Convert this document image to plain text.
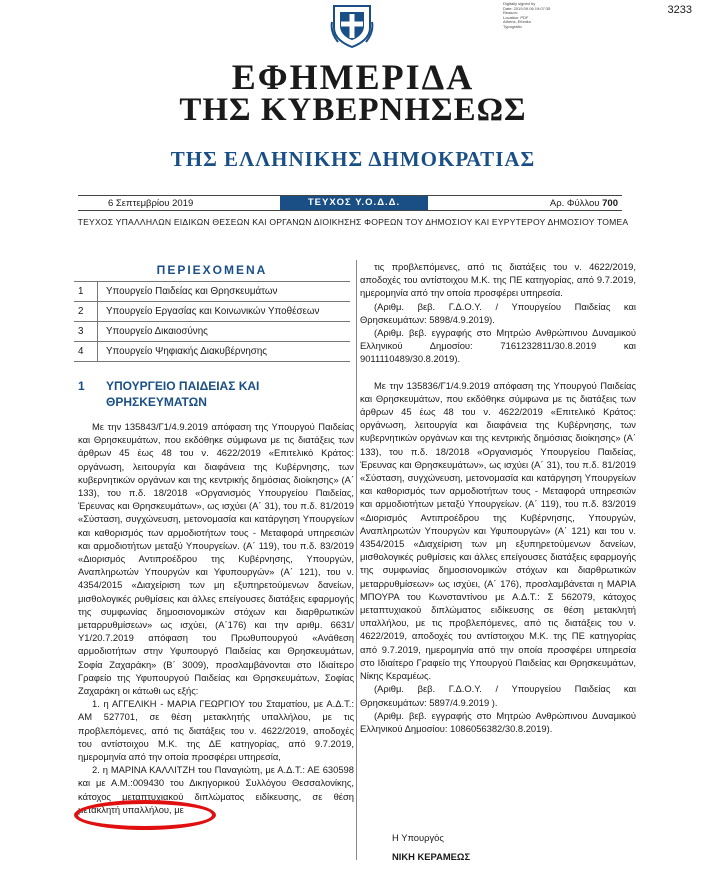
Digitally signed by
Date: 2019.09.06 19:07:35
Reason:
Location: PDF
Athens, Ethniko
Typografio
3233
ΕΦΗΜΕΡΙΔΑ
ΤΗΣ ΚΥΒΕΡΝΗΣΕΩΣ
ΤΗΣ ΕΛΛΗΝΙΚΗΣ ΔΗΜΟΚΡΑΤΙΑΣ
6 Σεπτεμβρίου 2019	ΤΕΥΧΟΣ Υ.Ο.Δ.Δ.	Αρ. Φύλλου 700
ΤΕΥΧΟΣ ΥΠΑΛΛΗΛΩΝ ΕΙΔΙΚΩΝ ΘΕΣΕΩΝ ΚΑΙ ΟΡΓΑΝΩΝ ΔΙΟΙΚΗΣΗΣ ΦΟΡΕΩΝ ΤΟΥ ΔΗΜΟΣΙΟΥ ΚΑΙ ΕΥΡΥΤΕΡΟΥ ΔΗΜΟΣΙΟΥ ΤΟΜΕΑ
ΠΕΡΙΕΧΟΜΕΝΑ
1	Υπουργείο Παιδείας και Θρησκευμάτων
2	Υπουργείο Εργασίας και Κοινωνικών Υποθέσεων
3	Υπουργείο Δικαιοσύνης
4	Υπουργείο Ψηφιακής Διακυβέρνησης
1 ΥΠΟΥΡΓΕΙΟ ΠΑΙΔΕΙΑΣ ΚΑΙ ΘΡΗΣΚΕΥΜΑΤΩΝ

Με την 135843/Γ1/4.9.2019 απόφαση της Υπουργού Παιδείας και Θρησκευμάτων, που εκδόθηκε σύμφωνα με τις διατάξεις των άρθρων 45 έως 48 του ν. 4622/2019 «Επιτελικό Κράτος: οργάνωση, λειτουργία και διαφάνεια της Κυβέρνησης, των κυβερνητικών οργάνων και της κεντρικής δημόσιας διοίκησης» (Α΄ 133), του π.δ. 18/2018 «Οργανισμός Υπουργείου Παιδείας, Έρευνας και Θρησκευμάτων», ως ισχύει (Α΄ 31), του π.δ. 81/2019 «Σύσταση, συγχώνευση, μετονομασία και κατάργηση Υπουργείων και καθορισμός των αρμοδιοτήτων τους - Μεταφορά υπηρεσιών και αρμοδιοτήτων μεταξύ Υπουργείων. (Α΄ 119), του π.δ. 83/2019 «Διορισμός Αντιπροέδρου της Κυβέρνησης, Υπουργών, Αναπληρωτών Υπουργών και Υφυπουργών» (Α΄ 121), του ν. 4354/2015 «Διαχείριση των μη εξυπηρετούμενων δανείων, μισθολογικές ρυθμίσεις και άλλες επείγουσες διατάξεις εφαρμογής της συμφωνίας δημοσιονομικών στόχων και διαρθρωτικών μεταρρυθμίσεων» ως ισχύει, (Α΄176) και την αριθμ. 6631/Υ1/20.7.2019 απόφαση του Πρωθυπουργού «Ανάθεση αρμοδιοτήτων στην Υφυπουργό Παιδείας και Θρησκευμάτων, Σοφία Ζαχαράκη» (Β΄ 3009), προσλαμβάνονται στο Ιδιαίτερο Γραφείο της Υφυπουργού Παιδείας και Θρησκευμάτων, Σοφίας Ζαχαράκη οι κάτωθι ως εξής:

1. η ΑΓΓΕΛΙΚΗ - ΜΑΡΙΑ ΓΕΩΡΓΙΟΥ του Σταματίου, με Α.Δ.Τ.: ΑΜ 527701, σε θέση μετακλητής υπαλλήλου, με τις προβλεπόμενες, από τις διατάξεις του ν. 4622/2019, αποδοχές του αντίστοιχου Μ.Κ. της ΔΕ κατηγορίας, από 9.7.2019, ημερομηνία από την οποία προσφέρει υπηρεσία,

2. η ΜΑΡΙΝΑ ΚΑΛΛΙΤΖΗ του Παναγιώτη, με Α.Δ.Τ.: ΑΕ 630598 και με Α.Μ.:009430 του Δικηγορικού Συλλόγου Θεσσαλονίκης, κάτοχος μεταπτυχιακού διπλώματος ειδίκευσης, σε θέση μετακλητή υπαλλήλου, με

τις προβλεπόμενες, από τις διατάξεις του ν. 4622/2019, αποδοχές του αντίστοιχου Μ.Κ. της ΠΕ κατηγορίας, από 9.7.2019, ημερομηνία από την οποία προσφέρει υπηρεσία.

(Αριθμ. βεβ. Γ.Δ.Ο.Υ. / Υπουργείου Παιδείας και Θρησκευμάτων: 5898/4.9.2019).

(Αριθμ. βεβ. εγγραφής στο Μητρώο Ανθρώπινου Δυναμικού Ελληνικού Δημοσίου: 7161232811/30.8.2019 και 9011110489/30.8.2019).

Με την 135836/Γ1/4.9.2019 απόφαση της Υπουργού Παιδείας και Θρησκευμάτων, που εκδόθηκε σύμφωνα με τις διατάξεις των άρθρων 45 έως 48 του ν. 4622/2019 «Επιτελικό Κράτος: οργάνωση, λειτουργία και διαφάνεια της Κυβέρνησης, των κυβερνητικών οργάνων και της κεντρικής δημόσιας διοίκησης» (Α΄ 133), του π.δ. 18/2018 «Οργανισμός Υπουργείου Παιδείας, Έρευνας και Θρησκευμάτων», ως ισχύει (Α΄ 31), του π.δ. 81/2019 «Σύσταση, συγχώνευση, μετονομασία και κατάργηση Υπουργείων και καθορισμός των αρμοδιοτήτων τους - Μεταφορά υπηρεσιών και αρμοδιοτήτων μεταξύ Υπουργείων. (Α΄ 119), του π.δ. 83/2019 «Διορισμός Αντιπροέδρου της Κυβέρνησης, Υπουργών, Αναπληρωτών Υπουργών και Υφυπουργών» (Α΄ 121) και του ν. 4354/2015 «Διαχείριση των μη εξυπηρετούμενων δανείων, μισθολογικές ρυθμίσεις και άλλες επείγουσες διατάξεις εφαρμογής της συμφωνίας δημοσιονομικών στόχων και διαρθρωτικών μεταρρυθμίσεων» ως ισχύει, (Α΄ 176), προσλαμβάνεται η ΜΑΡΙΑ ΜΠΟΥΡΑ του Κωνσταντίνου με Α.Δ.Τ.: Σ 562079, κάτοχος μεταπτυχιακού διπλώματος ειδίκευσης σε θέση μετακλητή υπαλλήλου, με τις προβλεπόμενες, από τις διατάξεις του ν. 4622/2019, αποδοχές του αντίστοιχου Μ.Κ. της ΠΕ κατηγορίας από 9.7.2019, ημερομηνία από την οποία προσφέρει υπηρεσία στο Ιδιαίτερο Γραφείο της Υπουργού Παιδείας και Θρησκευμάτων, Νίκης Κεραμέως.

(Αριθμ. βεβ. Γ.Δ.Ο.Υ. / Υπουργείου Παιδείας και Θρησκευμάτων: 5897/4.9.2019 ).

(Αριθμ. βεβ. εγγραφής στο Μητρώο Ανθρώπινου Δυναμικού Ελληνικού Δημοσίου: 1086056382/30.8.2019).

Η Υπουργός
ΝΙΚΗ ΚΕΡΑΜΕΩΣ
